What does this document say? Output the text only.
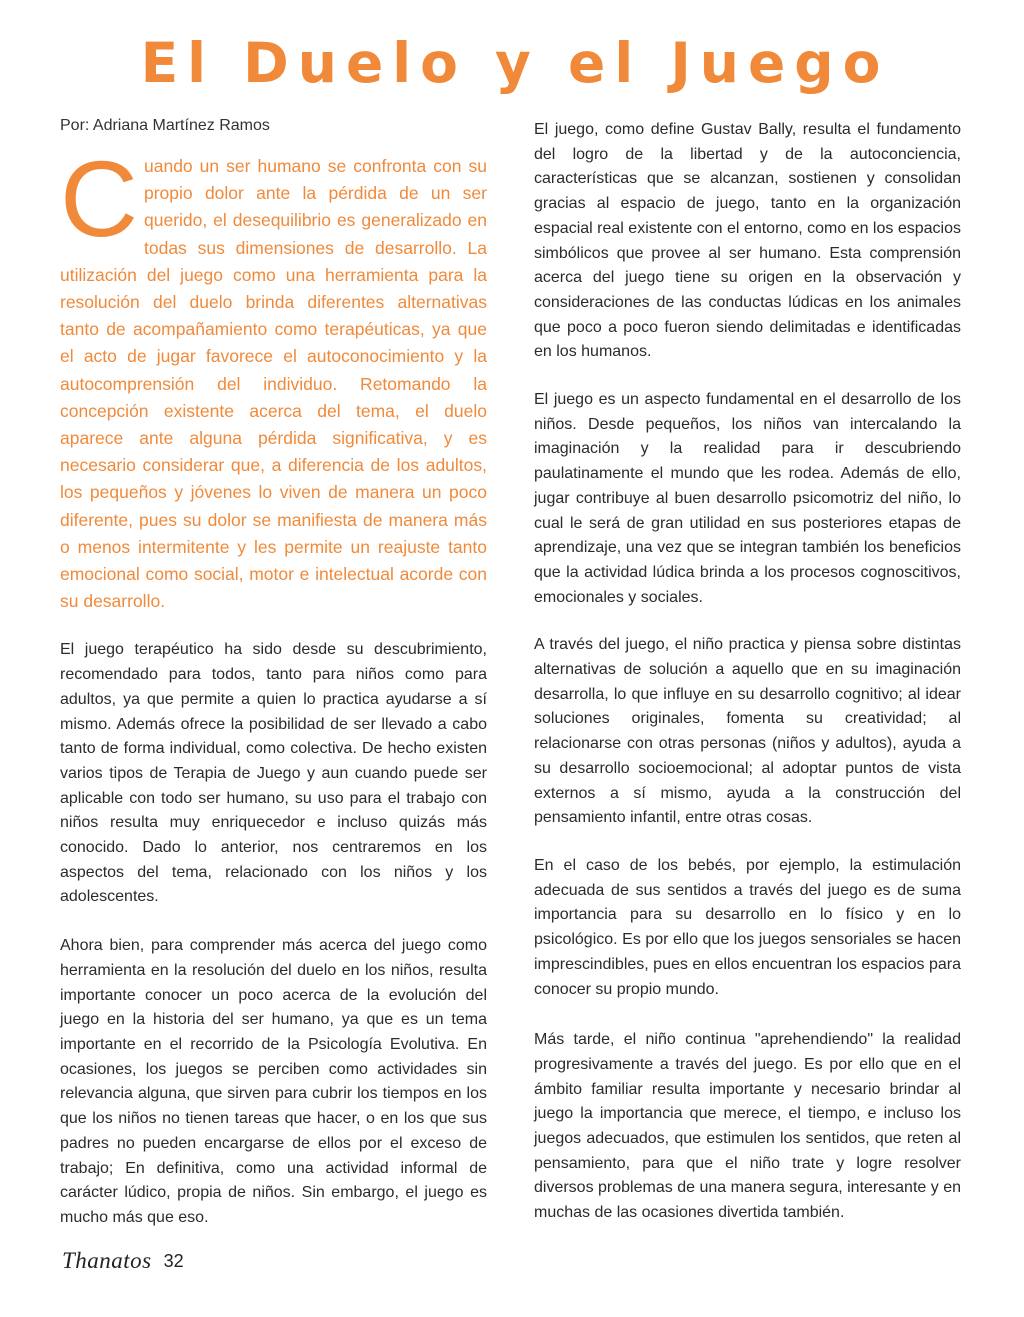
El Duelo y el Juego

Por: Adriana Martínez Ramos

Cuando un ser humano se confronta con su propio dolor ante la pérdida de un ser querido, el desequilibrio es generalizado en todas sus dimensiones de desarrollo. La utilización del juego como una herramienta para la resolución del duelo brinda diferentes alternativas tanto de acompañamiento como terapéuticas, ya que el acto de jugar favorece el autoconocimiento y la autocomprensión del individuo. Retomando la concepción existente acerca del tema, el duelo aparece ante alguna pérdida significativa, y es necesario considerar que, a diferencia de los adultos, los pequeños y jóvenes lo viven de manera un poco diferente, pues su dolor se manifiesta de manera más o menos intermitente y les permite un reajuste tanto emocional como social, motor e intelectual acorde con su desarrollo.

El juego terapéutico ha sido desde su descubrimiento, recomendado para todos, tanto para niños como para adultos, ya que permite a quien lo practica ayudarse a sí mismo. Además ofrece la posibilidad de ser llevado a cabo tanto de forma individual, como colectiva. De hecho existen varios tipos de Terapia de Juego y aun cuando puede ser aplicable con todo ser humano, su uso para el trabajo con niños resulta muy enriquecedor e incluso quizás más conocido. Dado lo anterior, nos centraremos en los aspectos del tema, relacionado con los niños y los adolescentes.

Ahora bien, para comprender más acerca del juego como herramienta en la resolución del duelo en los niños, resulta importante conocer un poco acerca de la evolución del juego en la historia del ser humano, ya que es un tema importante en el recorrido de la Psicología Evolutiva. En ocasiones, los juegos se perciben como actividades sin relevancia alguna, que sirven para cubrir los tiempos en los que los niños no tienen tareas que hacer, o en los que sus padres no pueden encargarse de ellos por el exceso de trabajo; En definitiva, como una actividad informal de carácter lúdico, propia de niños. Sin embargo, el juego es mucho más que eso.

El juego, como define Gustav Bally, resulta el fundamento del logro de la libertad y de la autoconciencia, características que se alcanzan, sostienen y consolidan gracias al espacio de juego, tanto en la organización espacial real existente con el entorno, como en los espacios simbólicos que provee al ser humano. Esta comprensión acerca del juego tiene su origen en la observación y consideraciones de las conductas lúdicas en los animales que poco a poco fueron siendo delimitadas e identificadas en los humanos.

El juego es un aspecto fundamental en el desarrollo de los niños. Desde pequeños, los niños van intercalando la imaginación y la realidad para ir descubriendo paulatinamente el mundo que les rodea. Además de ello, jugar contribuye al buen desarrollo psicomotriz del niño, lo cual le será de gran utilidad en sus posteriores etapas de aprendizaje, una vez que se integran también los beneficios que la actividad lúdica brinda a los procesos cognoscitivos, emocionales y sociales.

A través del juego, el niño practica y piensa sobre distintas alternativas de solución a aquello que en su imaginación desarrolla, lo que influye en su desarrollo cognitivo; al idear soluciones originales, fomenta su creatividad; al relacionarse con otras personas (niños y adultos), ayuda a su desarrollo socioemocional; al adoptar puntos de vista externos a sí mismo, ayuda a la construcción del pensamiento infantil, entre otras cosas.

En el caso de los bebés, por ejemplo, la estimulación adecuada de sus sentidos a través del juego es de suma importancia para su desarrollo en lo físico y en lo psicológico. Es por ello que los juegos sensoriales se hacen imprescindibles, pues en ellos encuentran los espacios para conocer su propio mundo.

Más tarde, el niño continua "aprehendiendo" la realidad progresivamente a través del juego. Es por ello que en el ámbito familiar resulta importante y necesario brindar al juego la importancia que merece, el tiempo, e incluso los juegos adecuados, que estimulen los sentidos, que reten al pensamiento, para que el niño trate y logre resolver diversos problemas de una manera segura, interesante y en muchas de las ocasiones divertida también.

Thanatos 32
